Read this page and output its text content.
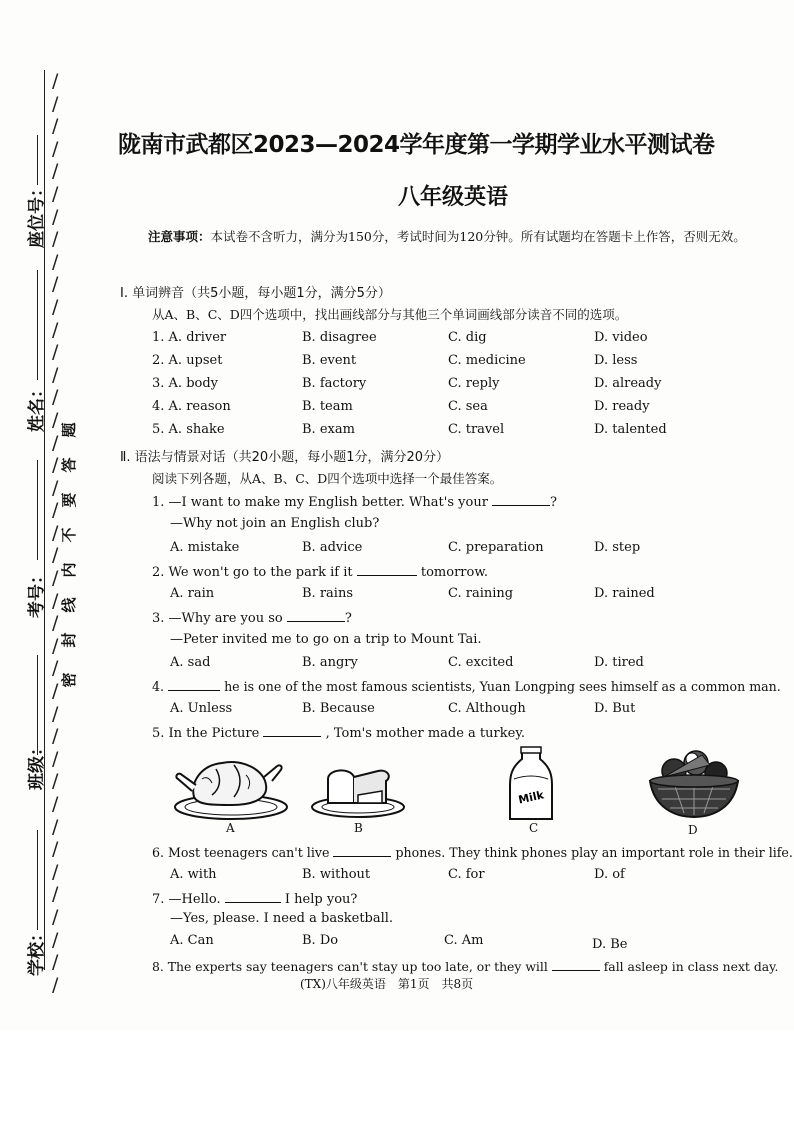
/
/
/
/
/
/
/
/
/
/
/
/
/
/
/
/
/
/
/
/
/
/
/
/
/
/
/
/
/
/
/
/
/
/
/
/
/
/
/
/
/
座位号：
姓名：
考号：
班级：
学校：
密
封
线
内
不
要
答
题
陇南市武都区2023—2024学年度第一学期学业水平测试卷
八年级英语
注意事项：本试卷不含听力，满分为150分，考试时间为120分钟。所有试题均在答题卡上作答，否则无效。
Ⅰ. 单词辨音（共5小题，每小题1分，满分5分）
从A、B、C、D四个选项中，找出画线部分与其他三个单词画线部分读音不同的选项。
1. A. driver	B. disagree	C. dig	D. video
2. A. upset	B. event	C. medicine	D. less
3. A. body	B. factory	C. reply	D. already
4. A. reason	B. team	C. sea	D. ready
5. A. shake	B. exam	C. travel	D. talented
Ⅱ. 语法与情景对话（共20小题，每小题1分，满分20分）
阅读下列各题，从A、B、C、D四个选项中选择一个最佳答案。
1. —I want to make my English better. What's your	?
—Why not join an English club?
A. mistake	B. advice	C. preparation	D. step
2. We won't go to the park if it	tomorrow.
A. rain	B. rains	C. raining	D. rained
3. —Why are you so	?
—Peter invited me to go on a trip to Mount Tai.
A. sad	B. angry	C. excited	D. tired
4.	he is one of the most famous scientists, Yuan Longping sees himself as a common man.
A. Unless	B. Because	C. Although	D. But
5. In the Picture	, Tom's mother made a turkey.
A	B
Milk
C	D
6. Most teenagers can't live	phones. They think phones play an important role in their life.
A. with	B. without	C. for	D. of
7. —Hello.	I help you?
—Yes, please. I need a basketball.
A. Can	B. Do	C. Am	D. Be
8. The experts say teenagers can't stay up too late, or they will	fall asleep in class next day.
(TX)八年级英语　第1页　共8页
